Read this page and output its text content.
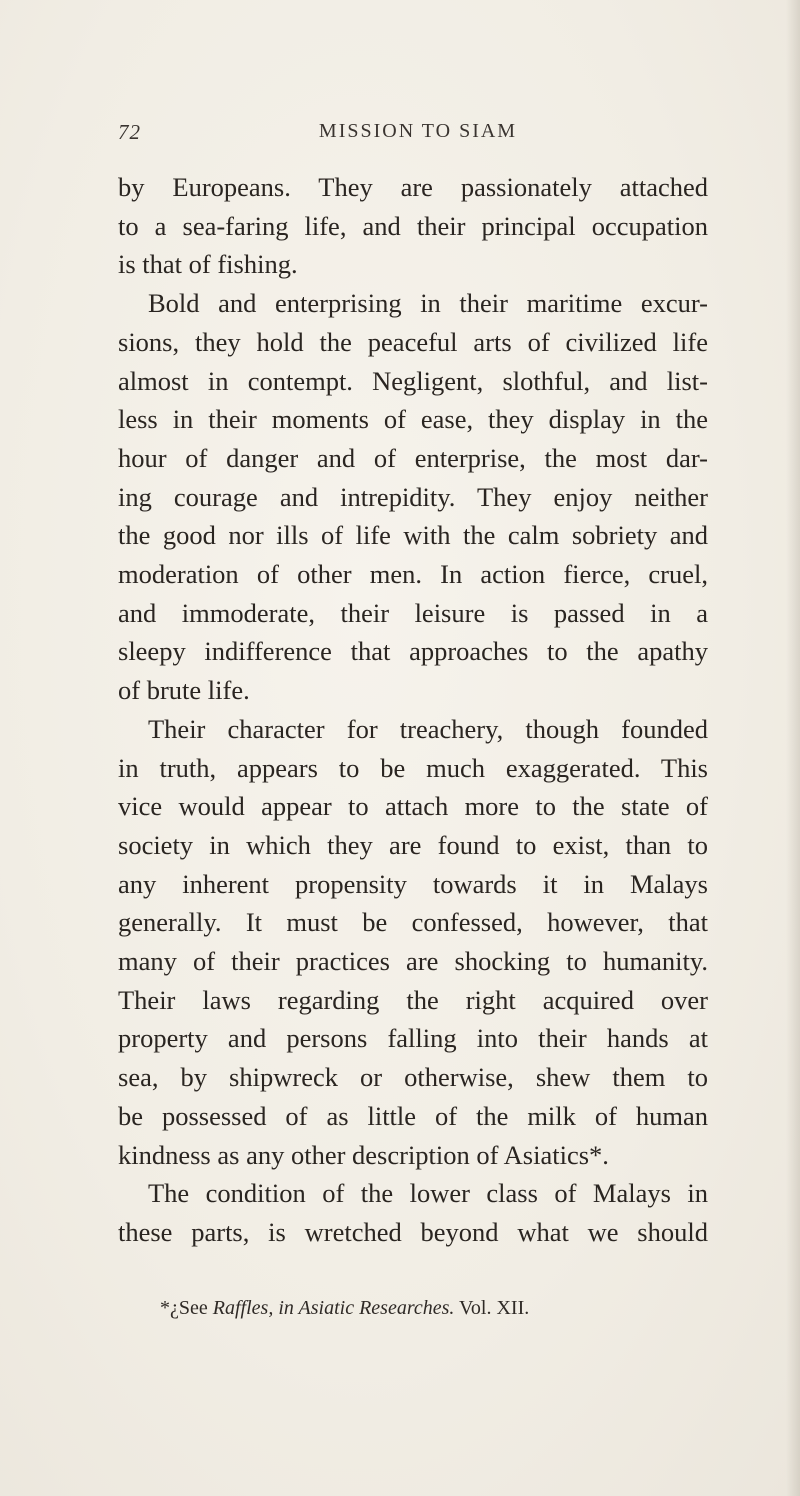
72	MISSION TO SIAM
by Europeans. They are passionately attached
to a sea-faring life, and their principal occupation
is that of fishing.
Bold and enterprising in their maritime excur-
sions, they hold the peaceful arts of civilized life
almost in contempt. Negligent, slothful, and list-
less in their moments of ease, they display in the
hour of danger and of enterprise, the most dar-
ing courage and intrepidity. They enjoy neither
the good nor ills of life with the calm sobriety and
moderation of other men. In action fierce, cruel,
and immoderate, their leisure is passed in a
sleepy indifference that approaches to the apathy
of brute life.
Their character for treachery, though founded
in truth, appears to be much exaggerated. This
vice would appear to attach more to the state of
society in which they are found to exist, than to
any inherent propensity towards it in Malays
generally. It must be confessed, however, that
many of their practices are shocking to humanity.
Their laws regarding the right acquired over
property and persons falling into their hands at
sea, by shipwreck or otherwise, shew them to
be possessed of as little of the milk of human
kindness as any other description of Asiatics*.
The condition of the lower class of Malays in
these parts, is wretched beyond what we should
*¿See Raffles, in Asiatic Researches. Vol. XII.
